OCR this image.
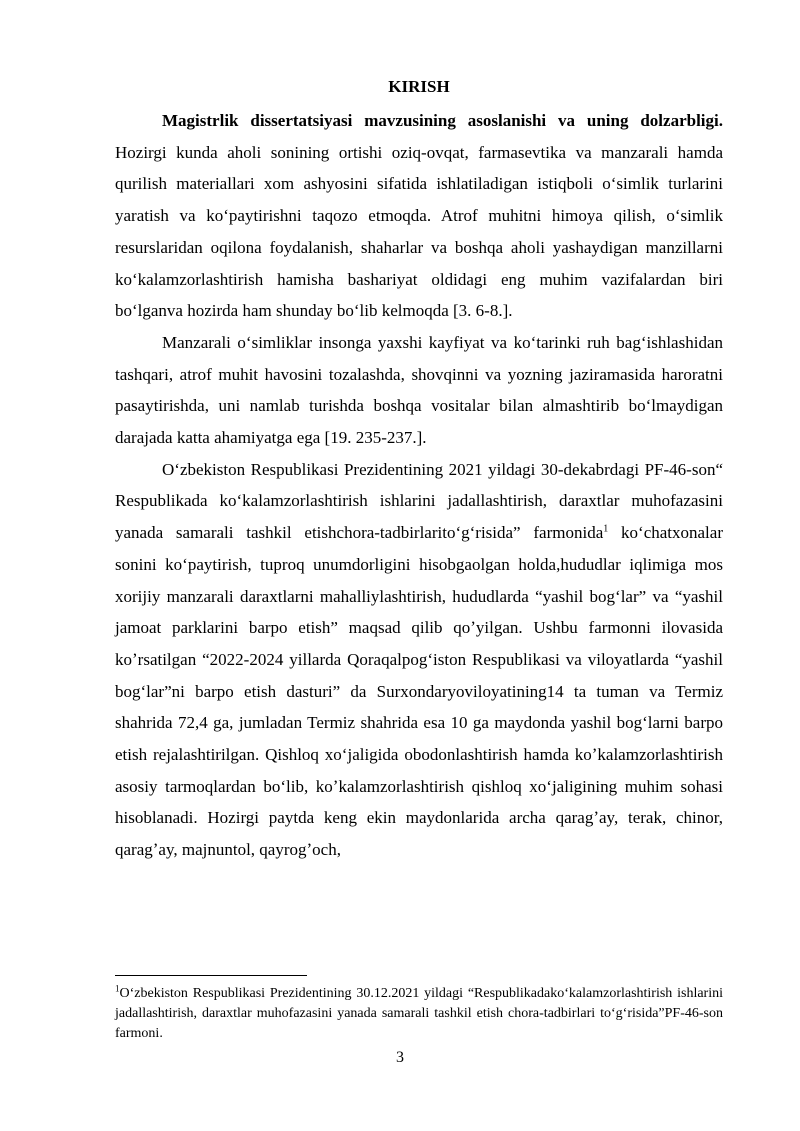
KIRISH

Magistrlik dissertatsiyasi mavzusining asoslanishi va uning dolzarbligi. Hozirgi kunda aholi sonining ortishi oziq-ovqat, farmasevtika va manzarali hamda qurilish materiallari xom ashyosini sifatida ishlatiladigan istiqboli oʻsimlik turlarini yaratish va koʻpaytirishni taqozo etmoqda. Atrof muhitni himoya qilish, oʻsimlik resurslaridan oqilona foydalanish, shaharlar va boshqa aholi yashaydigan manzillarni koʻkalamzorlashtirish hamisha bashariyat oldidagi eng muhim vazifalardan biri boʻlganva hozirda ham shunday boʻlib kelmoqda [3. 6-8.].

Manzarali oʻsimliklar insonga yaxshi kayfiyat va koʻtarinki ruh bagʻishlashidan tashqari, atrof muhit havosini tozalashda, shovqinni va yozning jaziramasida haroratni pasaytirishda, uni namlab turishda boshqa vositalar bilan almashtirib boʻlmaydigan darajada katta ahamiyatga ega [19. 235-237.].

Oʻzbekiston Respublikasi Prezidentining 2021 yildagi 30-dekabrdagi PF-46-son“ Respublikada koʻkalamzorlashtirish ishlarini jadallashtirish, daraxtlar muhofazasini yanada samarali tashkil etishchora-tadbirlaritoʻgʻrisida” farmonida$^1$ koʻchatxonalar sonini koʻpaytirish, tuproq unumdorligini hisobgaolgan holda,hududlar iqlimiga mos xorijiy manzarali daraxtlarni mahalliylashtirish, hududlarda “yashil bogʻlar” va “yashil jamoat parklarini barpo etish” maqsad qilib qoʼyilgan. Ushbu farmonni ilovasida koʼrsatilgan “2022-2024 yillarda Qoraqalpogʻiston Respublikasi va viloyatlarda “yashil bogʻlar”ni barpo etish dasturi” da Surxondaryoviloyatining14 ta tuman va Termiz shahrida 72,4 ga, jumladan Termiz shahrida esa 10 ga maydonda yashil bogʻlarni barpo etish rejalashtirilgan. Qishloq xoʻjaligida obodonlashtirish hamda koʼkalamzorlashtirish asosiy tarmoqlardan boʻlib, koʼkalamzorlashtirish qishloq xoʻjaligining muhim sohasi hisoblanadi. Hozirgi paytda keng ekin maydonlarida archa qaragʼay, terak, chinor, qaragʼay, majnuntol, qayrogʼoch,

$^1$Oʻzbekiston Respublikasi Prezidentining 30.12.2021 yildagi “Respublikadakoʻkalamzorlashtirish ishlarini jadallashtirish, daraxtlar muhofazasini yanada samarali tashkil etish chora-tadbirlari toʻgʻrisida”PF-46-son farmoni.

3
